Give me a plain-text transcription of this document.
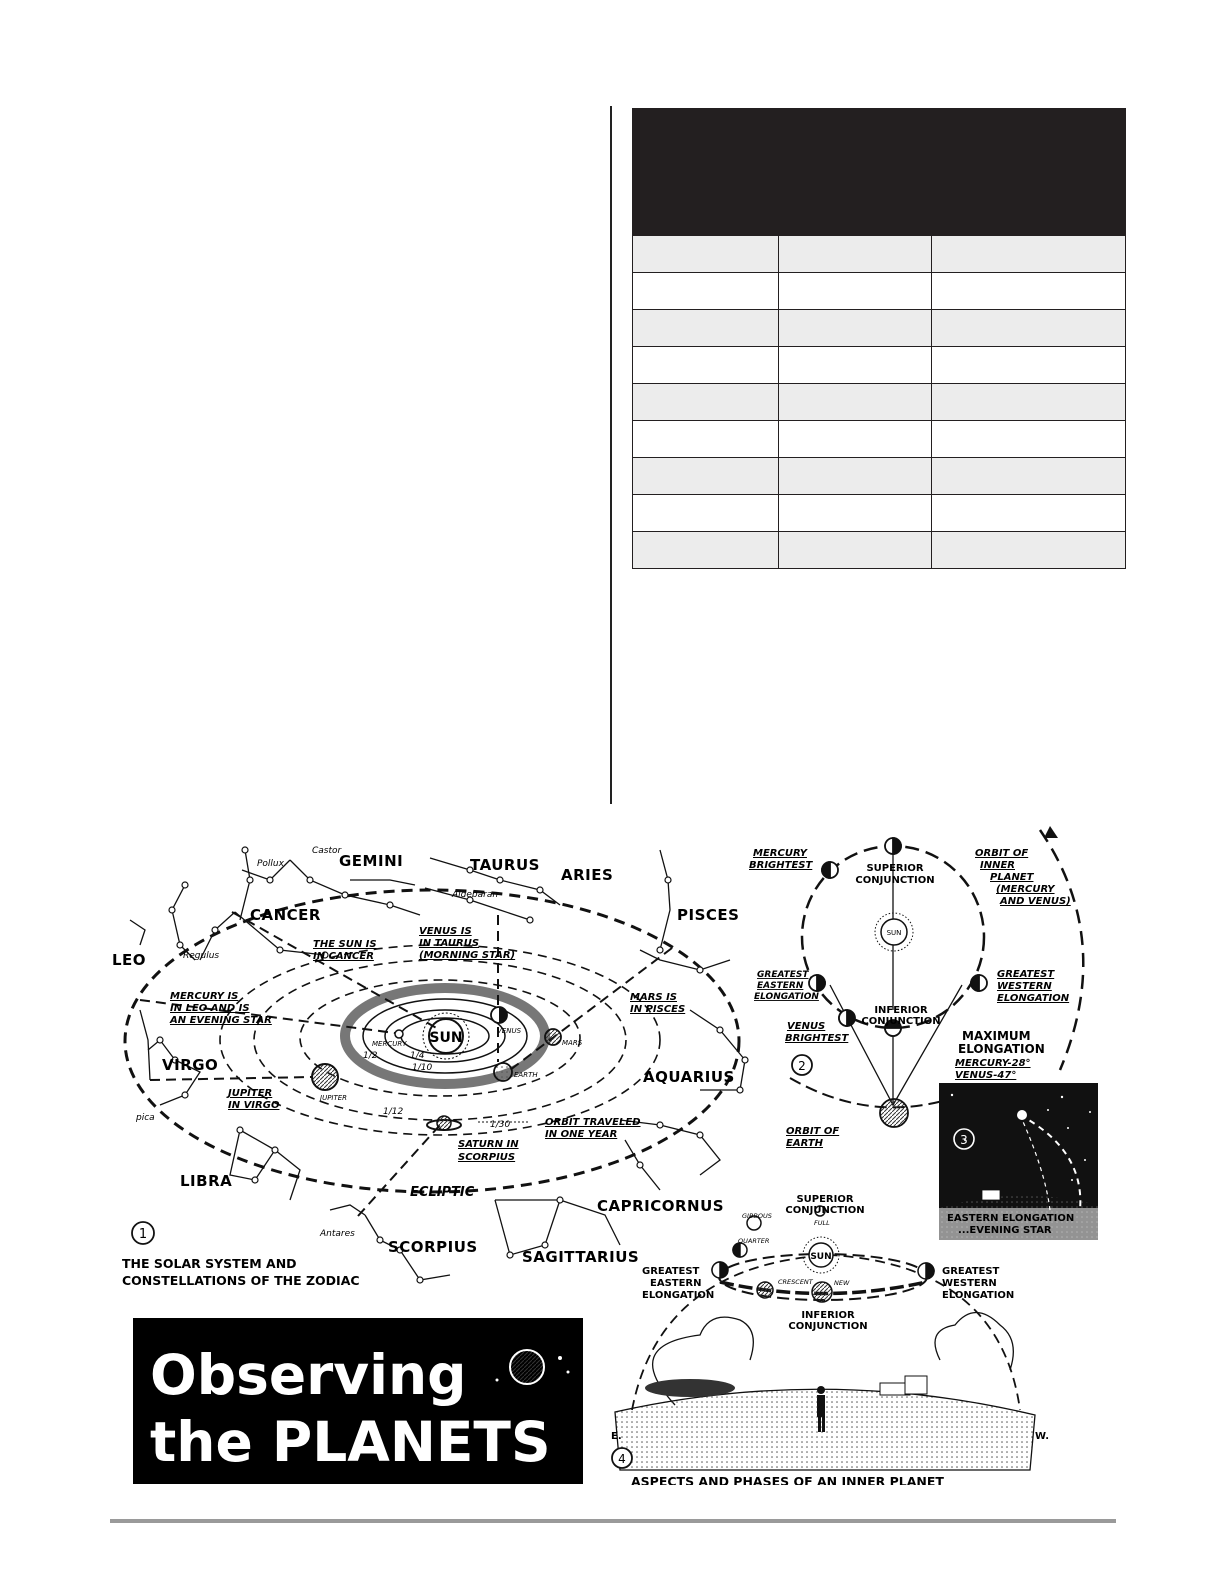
SUN
MERCURY
VENUS
MARS
EARTH
JUPITER
1/4
1/2
1/10
1/12
1/30
Castor
Pollux
Aldebaran
Regulus
pica
Antares
GEMINI	TAURUS
ARIES
PISCES
CANCER
LEO
VIRGO
AQUARIUS
LIBRA
CAPRICORNUS
SCORPIUS
SAGITTARIUS
THE SUN IS
IN CANCER
VENUS IS
IN TAURUS
(MORNING STAR)
MERCURY IS
IN LEO AND IS
AN EVENING STAR
MARS IS
IN PISCES
JUPITER
IN VIRGO
ORBIT TRAVELED
IN ONE YEAR
SATURN IN
SCORPIUS
ECLIPTIC
1
THE SOLAR SYSTEM AND
CONSTELLATIONS OF THE ZODIAC
SUN
MERCURY
BRIGHTEST	SUPERIOR
CONJUNCTION
ORBIT OF
INNER
PLANET
(MERCURY
AND VENUS)
GREATEST
EASTERN
ELONGATION
GREATEST
WESTERN
ELONGATION
INFERIOR
CONJUNCTION
VENUS
BRIGHTEST	MAXIMUM
ELONGATION
MERCURY-28°
VENUS-47°
ORBIT OF
EARTH
2
3
EASTERN ELONGATION
...EVENING STAR
SUN
SUPERIOR
CONJUNCTION
GREATEST
EASTERN
ELONGATION
GREATEST
WESTERN
ELONGATION
INFERIOR
CONJUNCTION
GIBBOUS
FULL
QUARTER
CRESCENT	NEW
E.	W.
4
ASPECTS AND PHASES OF AN INNER PLANET
Observing
the PLANETS
